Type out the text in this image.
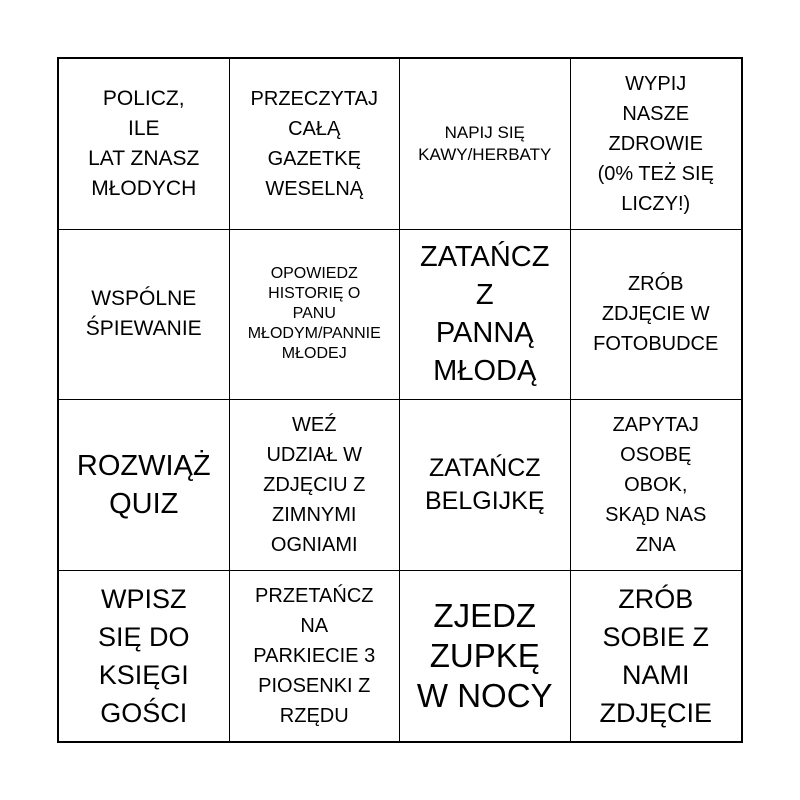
POLICZ,
ILE
LAT ZNASZ
MŁODYCH
PRZECZYTAJ
CAŁĄ
GAZETKĘ
WESELNĄ
NAPIJ SIĘ
KAWY/HERBATY
WYPIJ
NASZE
ZDROWIE
(0% TEŻ SIĘ
LICZY!)
WSPÓLNE
ŚPIEWANIE
OPOWIEDZ
HISTORIĘ O
PANU
MŁODYM/PANNIE
MŁODEJ
ZATAŃCZ
Z
PANNĄ
MŁODĄ
ZRÓB
ZDJĘCIE W
FOTOBUDCE
ROZWIĄŻ
QUIZ
WEŹ
UDZIAŁ W
ZDJĘCIU Z
ZIMNYMI
OGNIAMI
ZATAŃCZ
BELGIJKĘ
ZAPYTAJ
OSOBĘ
OBOK,
SKĄD NAS
ZNA
WPISZ
SIĘ DO
KSIĘGI
GOŚCI
PRZETAŃCZ
NA
PARKIECIE 3
PIOSENKI Z
RZĘDU
ZJEDZ
ZUPKĘ
W NOCY
ZRÓB
SOBIE Z
NAMI
ZDJĘCIE
